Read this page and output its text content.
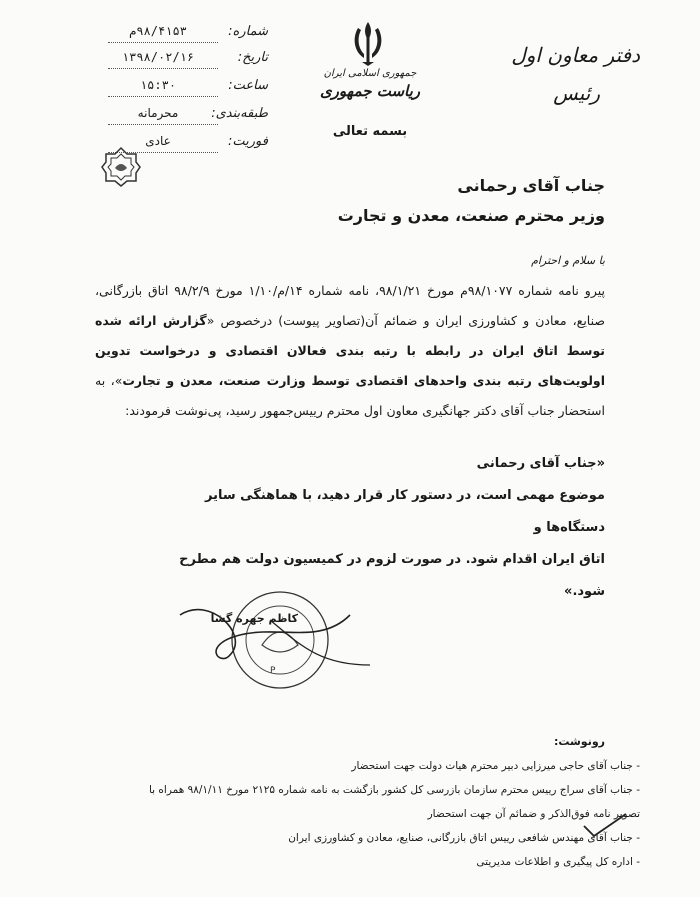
شماره:
۹۸/۴۱۵۳م
تاریخ:
۱۳۹۸/۰۲/۱۶
ساعت:
۱۵:۳۰
طبقه‌بندی:
محرمانه
فوریت:
عادی
جمهوری اسلامی ایران
ریاست جمهوری
بسمه تعالی
دفتر معاون اول
رئیس
جناب آقای رحمانی
وزیر محترم صنعت، معدن و تجارت
با سلام و احترام
پیرو نامه شماره ۹۸/۱۰۷۷م مورخ ۹۸/۱/۲۱، نامه شماره ۱۴/م/۱/۱۰ مورخ ۹۸/۲/۹ اتاق بازرگانی، صنایع، معادن و کشاورزی ایران و ضمائم آن(تصاویر پیوست) درخصوص «گزارش ارائه شده توسط اتاق ایران در رابطه با رتبه بندی فعالان اقتصادی و درخواست تدوین اولویت‌های رتبه بندی واحدهای اقتصادی توسط وزارت صنعت، معدن و تجارت»، به استحضار جناب آقای دکتر جهانگیری معاون اول محترم رییس‌جمهور رسید، پی‌نوشت فرمودند:
«جناب آقای رحمانی
موضوع مهمی است، در دستور کار قرار دهید، با هماهنگی سایر دستگاه‌ها و
اتاق ایران اقدام شود. در صورت لزوم در کمیسیون دولت هم مطرح شود.»
P
کاظم جهره گشا
رونوشت:
- جناب آقای حاجی میرزایی دبیر محترم هیات دولت جهت استحضار
- جناب آقای سراج رییس محترم سازمان بازرسی کل کشور بازگشت به نامه شماره ۲۱۲۵ مورخ ۹۸/۱/۱۱ همراه با
تصویر نامه فوق‌الذکر و ضمائم آن جهت استحضار
- جناب آقای مهندس شافعی رییس اتاق بازرگانی، صنایع، معادن و کشاورزی ایران
- اداره کل پیگیری و اطلاعات مدیریتی
